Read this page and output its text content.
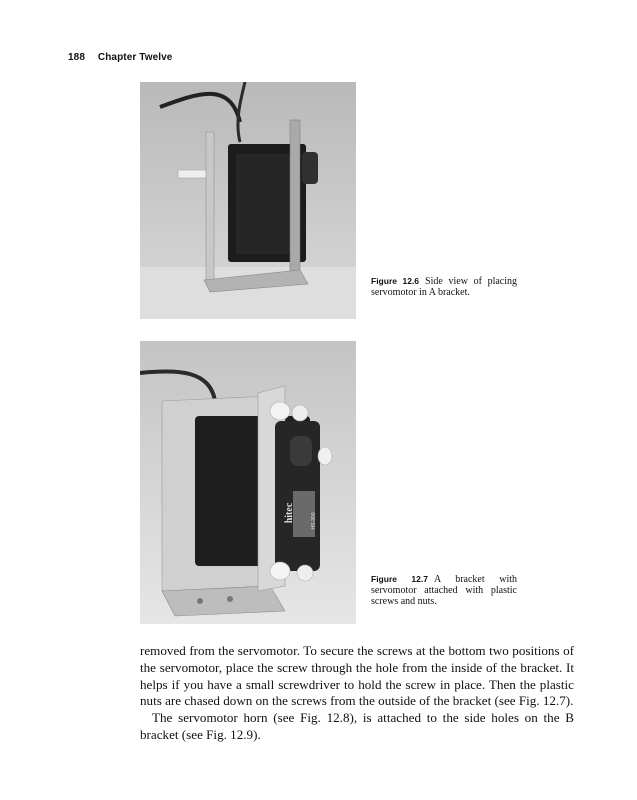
188 Chapter Twelve
Figure 12.6 Side view of placing servomotor in A bracket.
hitec	HS-300
Figure 12.7 A bracket with servomotor attached with plastic screws and nuts.

removed from the servomotor. To secure the screws at the bottom two positions of the servomotor, place the screw through the hole from the inside of the bracket. It helps if you have a small screwdriver to hold the screw in place. Then the plastic nuts are chased down on the screws from the outside of the bracket (see Fig. 12.7).

The servomotor horn (see Fig. 12.8), is attached to the side holes on the B bracket (see Fig. 12.9).
